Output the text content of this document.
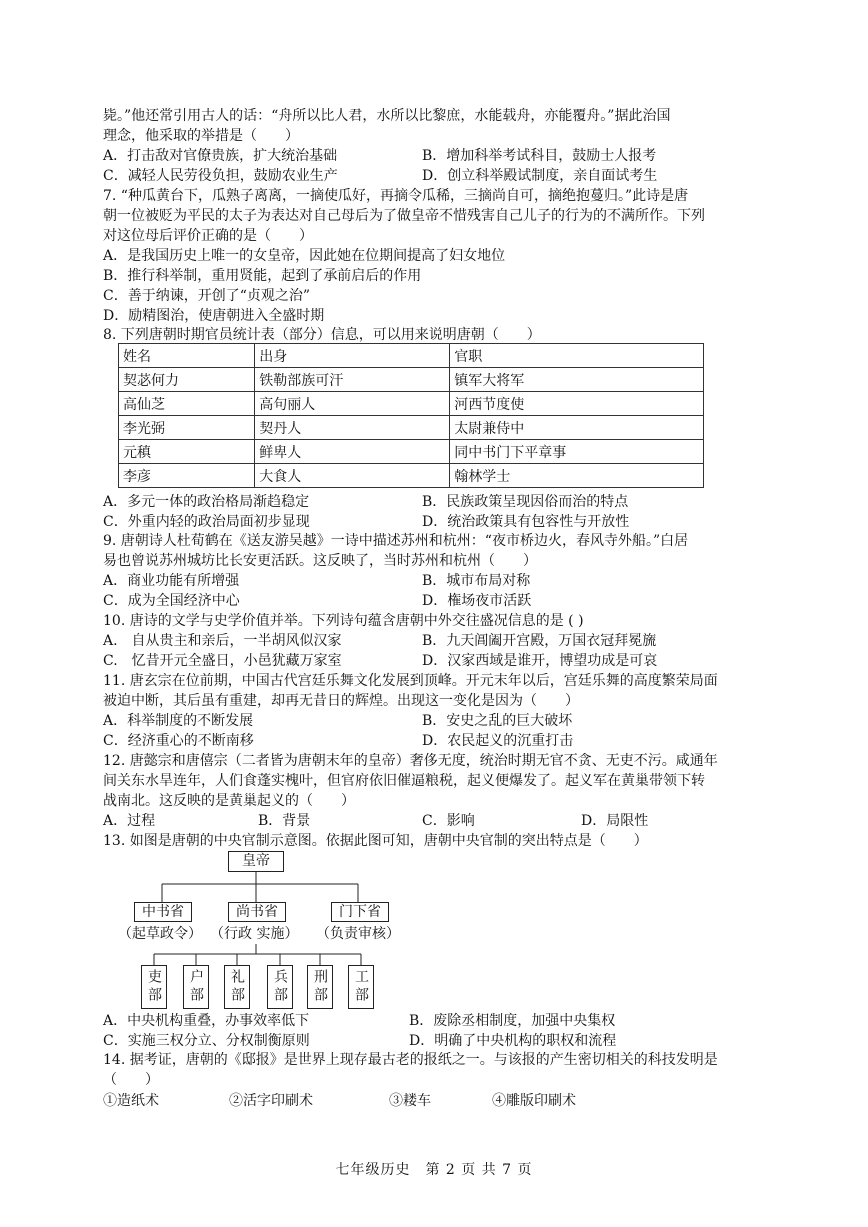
毙。”他还常引用古人的话：“舟所以比人君，水所以比黎庶，水能载舟，亦能覆舟。”据此治国
理念，他采取的举措是（　　）
A．打击敌对官僚贵族，扩大统治基础	B．增加科举考试科目，鼓励士人报考
C．减轻人民劳役负担，鼓励农业生产	D．创立科举殿试制度，亲自面试考生
7. “种瓜黄台下，瓜熟子离离，一摘使瓜好，再摘令瓜稀，三摘尚自可，摘绝抱蔓归。”此诗是唐
朝一位被贬为平民的太子为表达对自己母后为了做皇帝不惜残害自己儿子的行为的不满所作。下列
对这位母后评价正确的是（　　）
A．是我国历史上唯一的女皇帝，因此她在位期间提高了妇女地位
B．推行科举制，重用贤能，起到了承前启后的作用
C．善于纳谏，开创了“贞观之治”
D．励精图治，使唐朝进入全盛时期
8. 下列唐朝时期官员统计表（部分）信息，可以用来说明唐朝（　　）
姓名	出身	官职
契苾何力	铁勒部族可汗	镇军大将军
高仙芝	高句丽人	河西节度使
李光弼	契丹人	太尉兼侍中
元稹	鲜卑人	同中书门下平章事
李彦	大食人	翰林学士
A．多元一体的政治格局渐趋稳定	B．民族政策呈现因俗而治的特点
C．外重内轻的政治局面初步显现	D．统治政策具有包容性与开放性
9. 唐朝诗人杜荀鹤在《送友游吴越》一诗中描述苏州和杭州：“夜市桥边火，春风寺外船。”白居
易也曾说苏州城坊比长安更活跃。这反映了，当时苏州和杭州（　　）
A．商业功能有所增强	B．城市布局对称
C．成为全国经济中心	D．権场夜市活跃
10. 唐诗的文学与史学价值并举。下列诗句蕴含唐朝中外交往盛况信息的是 ( )
A.　自从贵主和亲后，一半胡风似汉家	B．九天阊阖开宫殿，万国衣冠拜冕旒
C.　忆昔开元全盛日，小邑犹藏万家室	D．汉家西域是谁开，博望功成是可哀
11. 唐玄宗在位前期，中国古代宫廷乐舞文化发展到顶峰。开元末年以后，宫廷乐舞的高度繁荣局面
被迫中断，其后虽有重建，却再无昔日的辉煌。出现这一变化是因为（　　）
A．科举制度的不断发展	B．安史之乱的巨大破坏
C．经济重心的不断南移	D．农民起义的沉重打击
12. 唐懿宗和唐僖宗（二者皆为唐朝末年的皇帝）奢侈无度，统治时期无官不贪、无吏不污。咸通年
间关东水旱连年，人们食蓬实槐叶，但官府依旧催逼粮税，起义便爆发了。起义军在黄巢带领下转
战南北。这反映的是黄巢起义的（　　）
A．过程	B．背景	C．影响	D．局限性
13. 如图是唐朝的中央官制示意图。依据此图可知，唐朝中央官制的突出特点是（　　）
皇帝
中书省	尚书省	门下省
（起草政令） （行政 实施） （负责审核）
吏部	户部	礼部	兵部	刑部	工部
A．中央机构重叠，办事效率低下	B．废除丞相制度，加强中央集权
C．实施三权分立、分权制衡原则	D．明确了中央机构的职权和流程
14. 据考证，唐朝的《邸报》是世界上现存最古老的报纸之一。与该报的产生密切相关的科技发明是
（　　）
①造纸术	②活字印刷术	③耧车	④雕版印刷术
七年级历史　第 2 页 共 7 页
